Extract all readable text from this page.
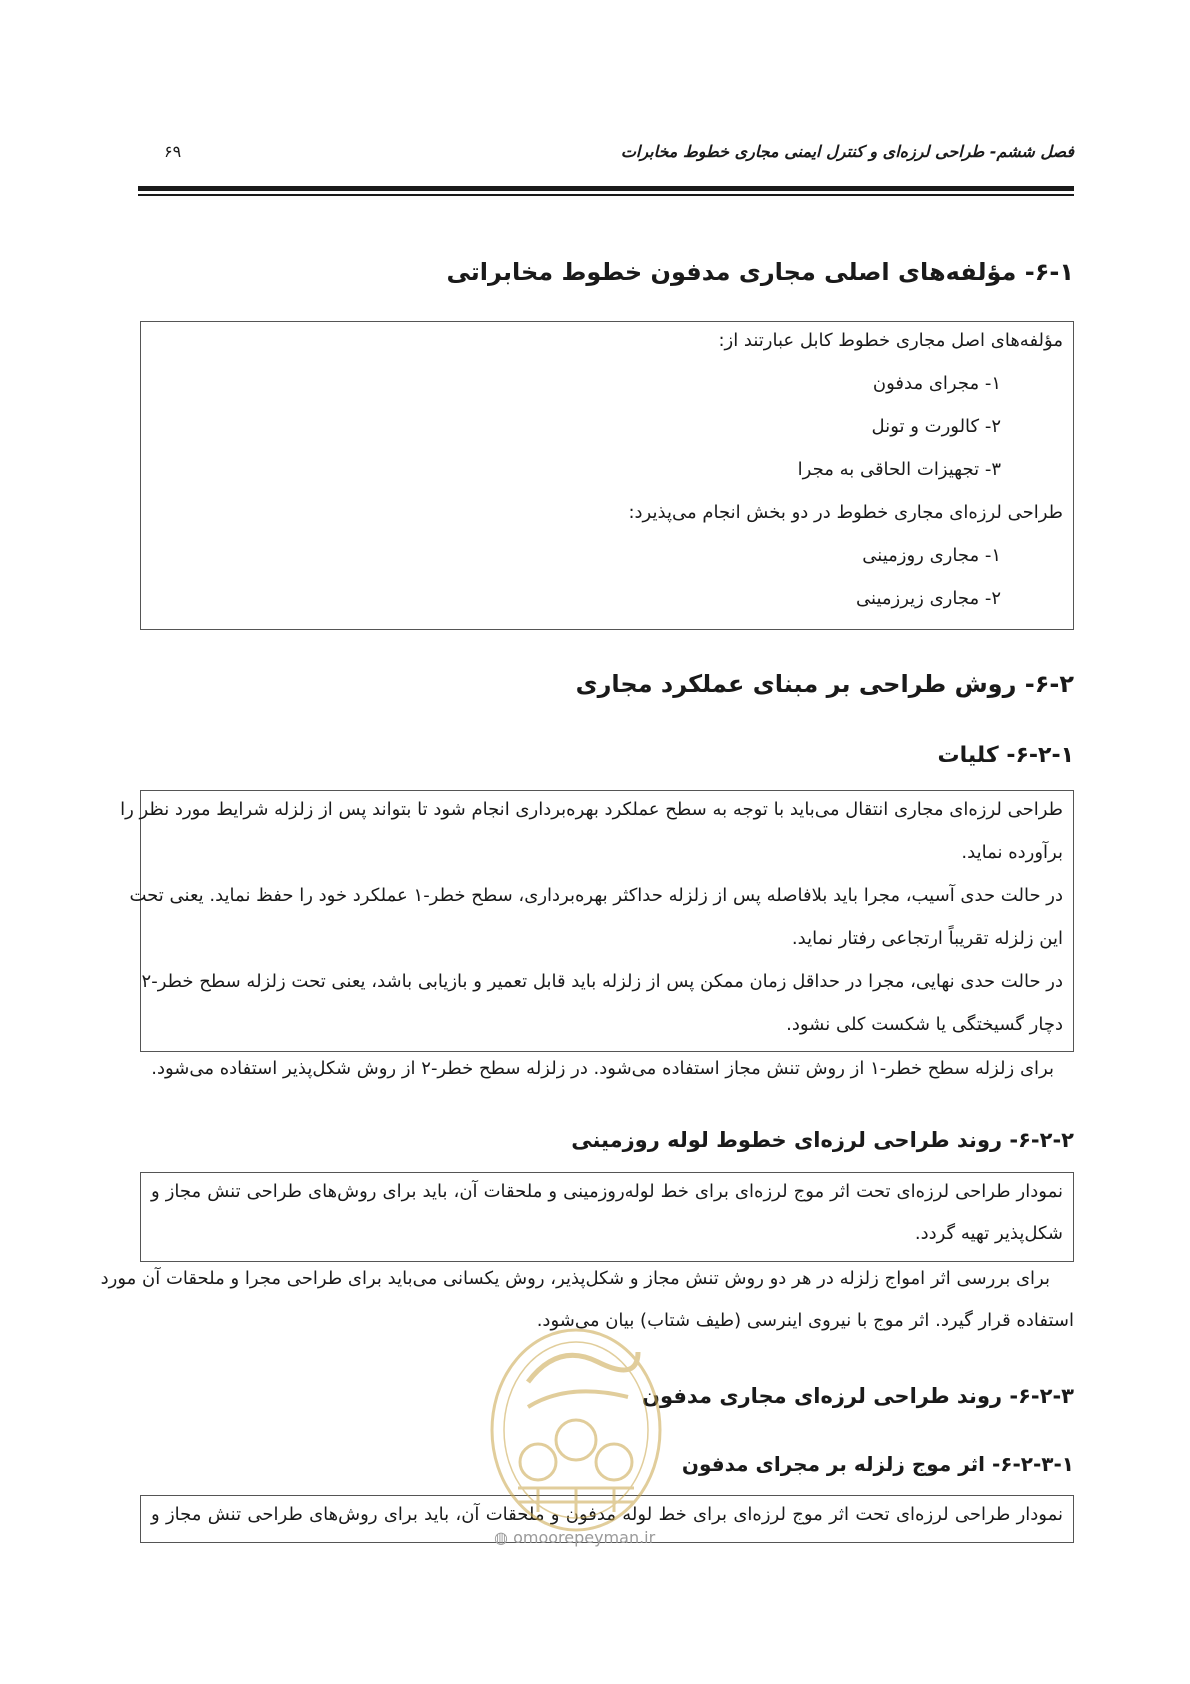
فصل ششم- طراحی لرزه‌ای و کنترل ایمنی مجاری خطوط مخابرات
۶۹
۶-۱- مؤلفه‌های اصلی مجاری مدفون خطوط مخابراتی
مؤلفه‌های اصل مجاری خطوط کابل عبارتند از:
۱- مجرای مدفون
۲- کالورت و تونل
۳- تجهیزات الحاقی به مجرا
طراحی لرزه‌ای مجاری خطوط در دو بخش انجام می‌پذیرد:
۱- مجاری روزمینی
۲- مجاری زیرزمینی
۶-۲- روش طراحی بر مبنای عملکرد مجاری
۶-۲-۱- کلیات
طراحی لرزه‌ای مجاری انتقال می‌باید با توجه به سطح عملکرد بهره‌برداری انجام شود تا بتواند پس از زلزله شرایط مورد نظر را
برآورده نماید.
در حالت حدی آسیب، مجرا باید بلافاصله پس از زلزله حداکثر بهره‌برداری، سطح خطر-۱ عملکرد خود را حفظ نماید. یعنی تحت
این زلزله تقریباً ارتجاعی رفتار نماید.
در حالت حدی نهایی، مجرا در حداقل زمان ممکن پس از زلزله باید قابل تعمیر و بازیابی باشد، یعنی تحت زلزله سطح خطر-۲
دچار گسیختگی یا شکست کلی نشود.
برای زلزله سطح خطر-۱ از روش تنش مجاز استفاده می‌شود. در زلزله سطح خطر-۲ از روش شکل‌پذیر استفاده می‌شود.
۶-۲-۲- روند طراحی لرزه‌ای خطوط لوله روزمینی
نمودار طراحی لرزه‌ای تحت اثر موج لرزه‌ای برای خط لوله‌روزمینی و ملحقات آن، باید برای روش‌های طراحی تنش مجاز و
شکل‌پذیر تهیه گردد.
برای بررسی اثر امواج زلزله در هر دو روش تنش مجاز و شکل‌پذیر، روش یکسانی می‌باید برای طراحی مجرا و ملحقات آن مورد
استفاده قرار گیرد. اثر موج با نیروی اینرسی (طیف شتاب) بیان می‌شود.
۶-۲-۳- روند طراحی لرزه‌ای مجاری مدفون
۶-۲-۳-۱- اثر موج زلزله بر مجرای مدفون
نمودار طراحی لرزه‌ای تحت اثر موج لرزه‌ای برای خط لوله مدفون و ملحقات آن، باید برای روش‌های طراحی تنش مجاز و
◍ omoorepeyman.ir
